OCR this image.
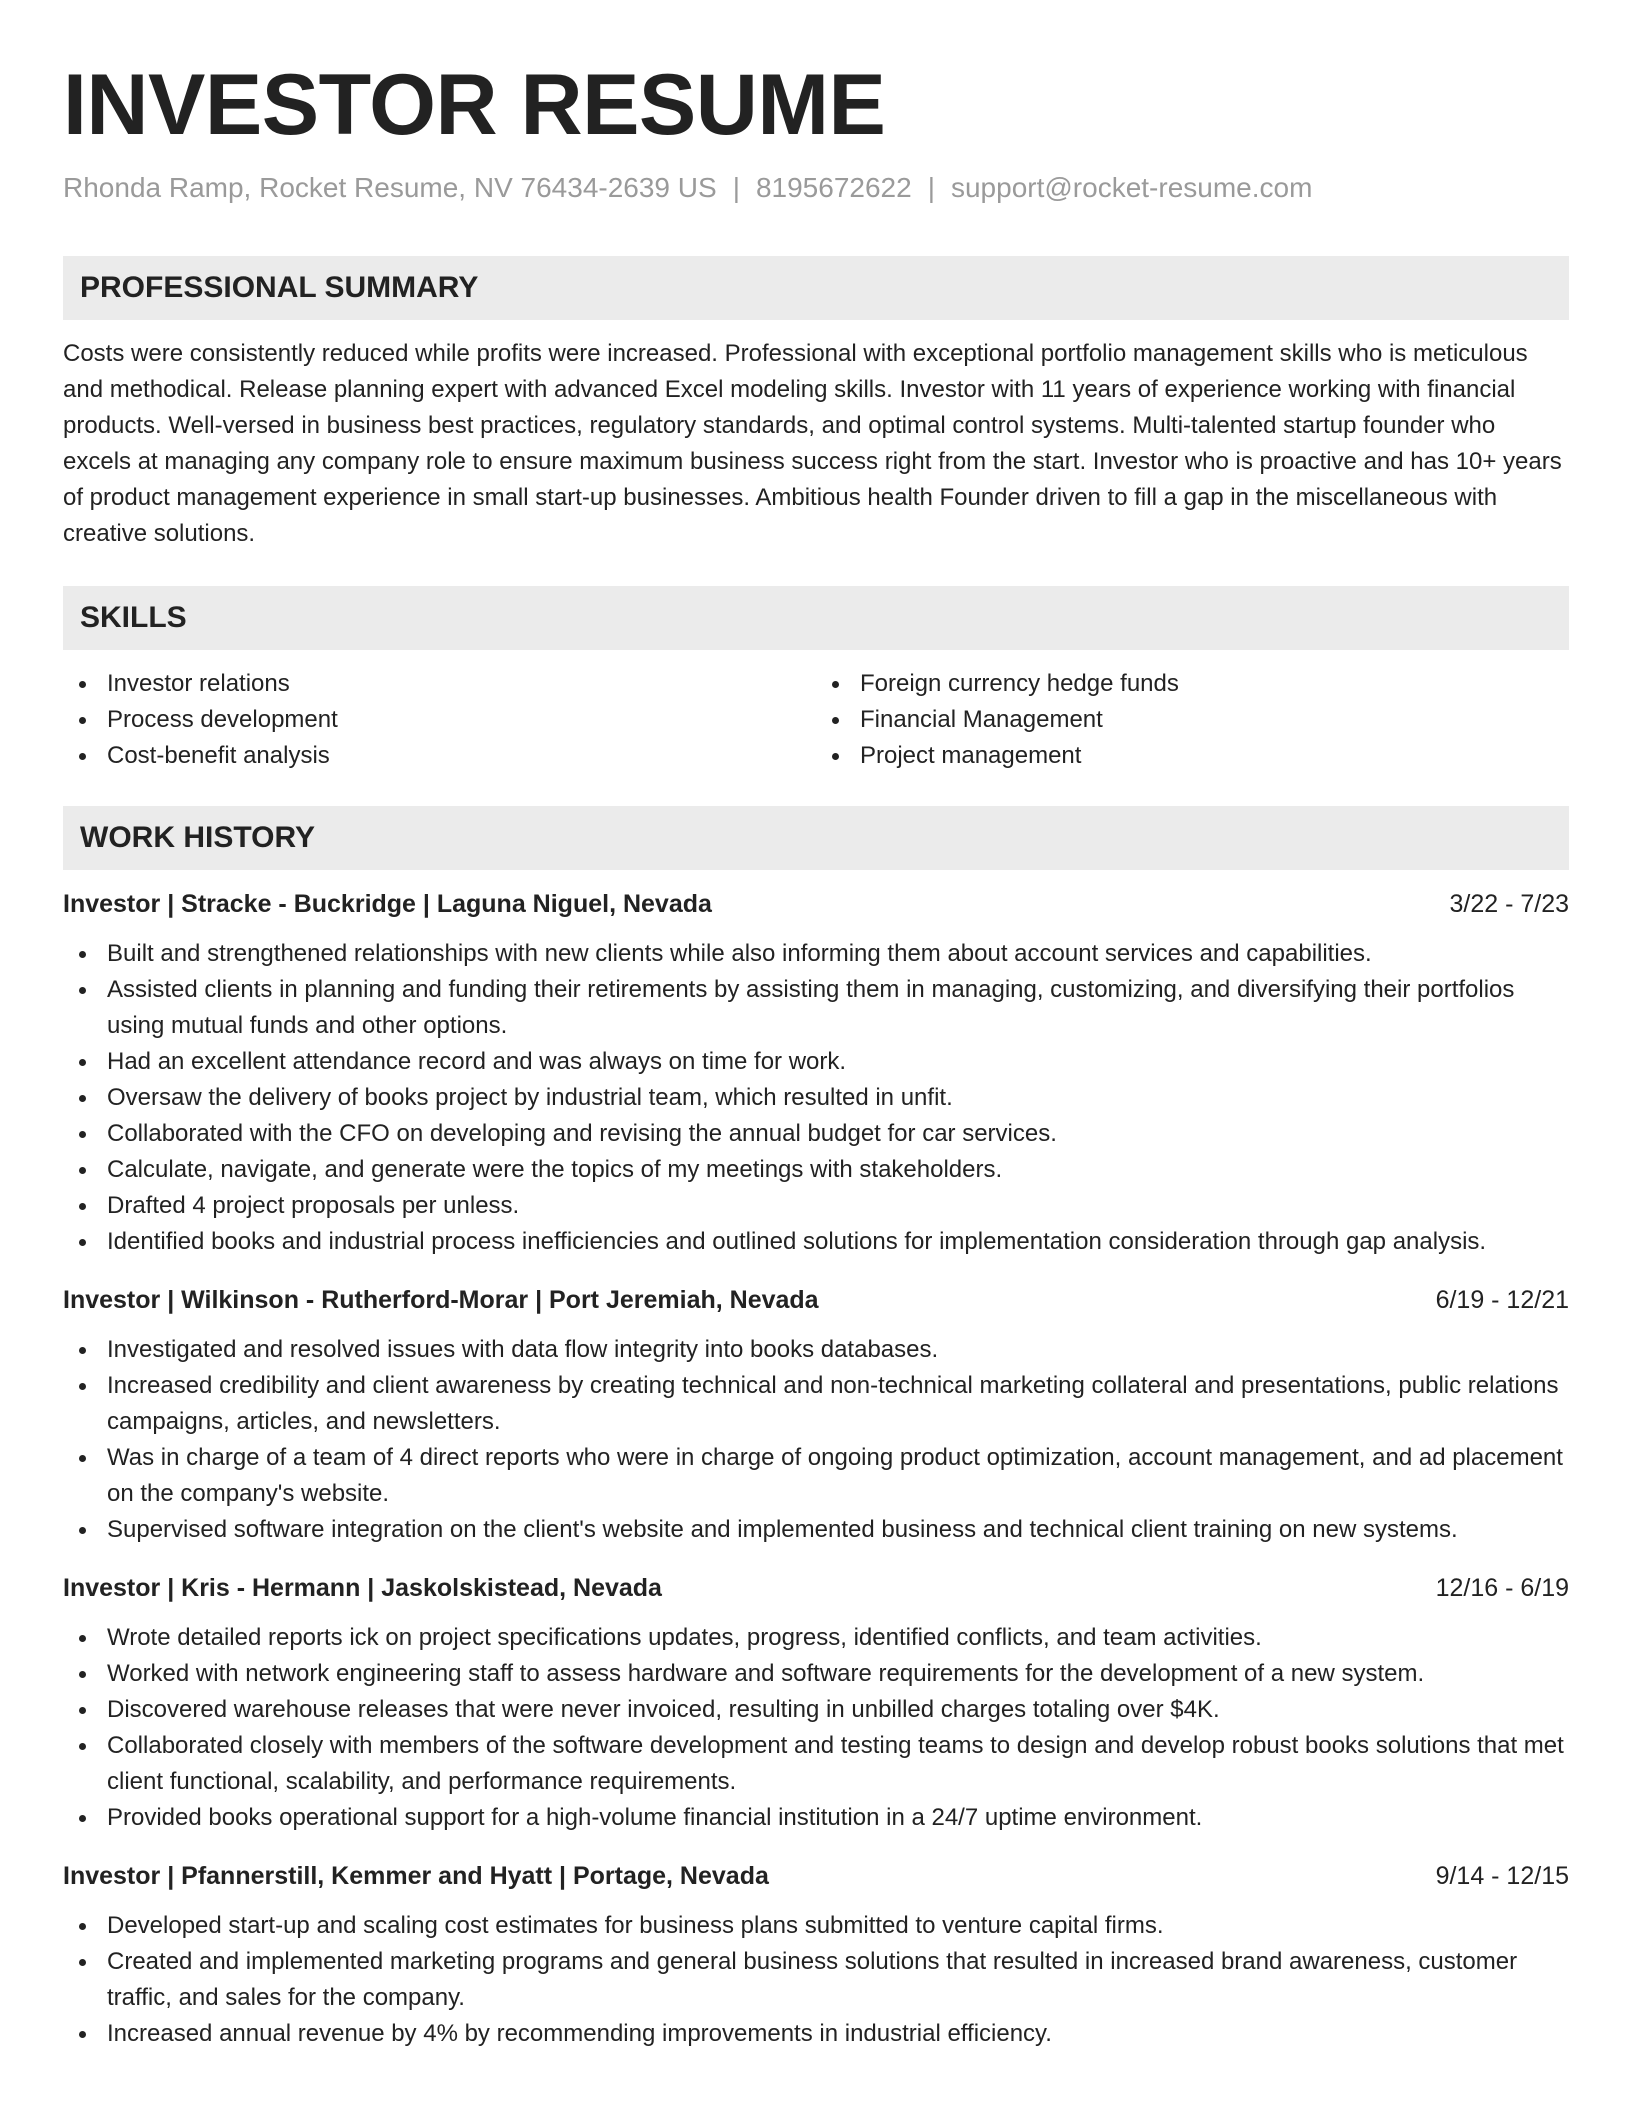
INVESTOR RESUME
Rhonda Ramp, Rocket Resume, NV 76434-2639 US | 8195672622 | support@rocket-resume.com
PROFESSIONAL SUMMARY
Costs were consistently reduced while profits were increased. Professional with exceptional portfolio management skills who is meticulous and methodical. Release planning expert with advanced Excel modeling skills. Investor with 11 years of experience working with financial products. Well-versed in business best practices, regulatory standards, and optimal control systems. Multi-talented startup founder who excels at managing any company role to ensure maximum business success right from the start. Investor who is proactive and has 10+ years of product management experience in small start-up businesses. Ambitious health Founder driven to fill a gap in the miscellaneous with creative solutions.
SKILLS
Investor relations
Process development
Cost-benefit analysis
Foreign currency hedge funds
Financial Management
Project management
WORK HISTORY
Investor | Stracke - Buckridge | Laguna Niguel, Nevada	3/22 - 7/23
Built and strengthened relationships with new clients while also informing them about account services and capabilities.
Assisted clients in planning and funding their retirements by assisting them in managing, customizing, and diversifying their portfolios using mutual funds and other options.
Had an excellent attendance record and was always on time for work.
Oversaw the delivery of books project by industrial team, which resulted in unfit.
Collaborated with the CFO on developing and revising the annual budget for car services.
Calculate, navigate, and generate were the topics of my meetings with stakeholders.
Drafted 4 project proposals per unless.
Identified books and industrial process inefficiencies and outlined solutions for implementation consideration through gap analysis.
Investor | Wilkinson - Rutherford-Morar | Port Jeremiah, Nevada	6/19 - 12/21
Investigated and resolved issues with data flow integrity into books databases.
Increased credibility and client awareness by creating technical and non-technical marketing collateral and presentations, public relations campaigns, articles, and newsletters.
Was in charge of a team of 4 direct reports who were in charge of ongoing product optimization, account management, and ad placement on the company's website.
Supervised software integration on the client's website and implemented business and technical client training on new systems.
Investor | Kris - Hermann | Jaskolskistead, Nevada	12/16 - 6/19
Wrote detailed reports ick on project specifications updates, progress, identified conflicts, and team activities.
Worked with network engineering staff to assess hardware and software requirements for the development of a new system.
Discovered warehouse releases that were never invoiced, resulting in unbilled charges totaling over $4K.
Collaborated closely with members of the software development and testing teams to design and develop robust books solutions that met client functional, scalability, and performance requirements.
Provided books operational support for a high-volume financial institution in a 24/7 uptime environment.
Investor | Pfannerstill, Kemmer and Hyatt | Portage, Nevada	9/14 - 12/15
Developed start-up and scaling cost estimates for business plans submitted to venture capital firms.
Created and implemented marketing programs and general business solutions that resulted in increased brand awareness, customer traffic, and sales for the company.
Increased annual revenue by 4% by recommending improvements in industrial efficiency.
